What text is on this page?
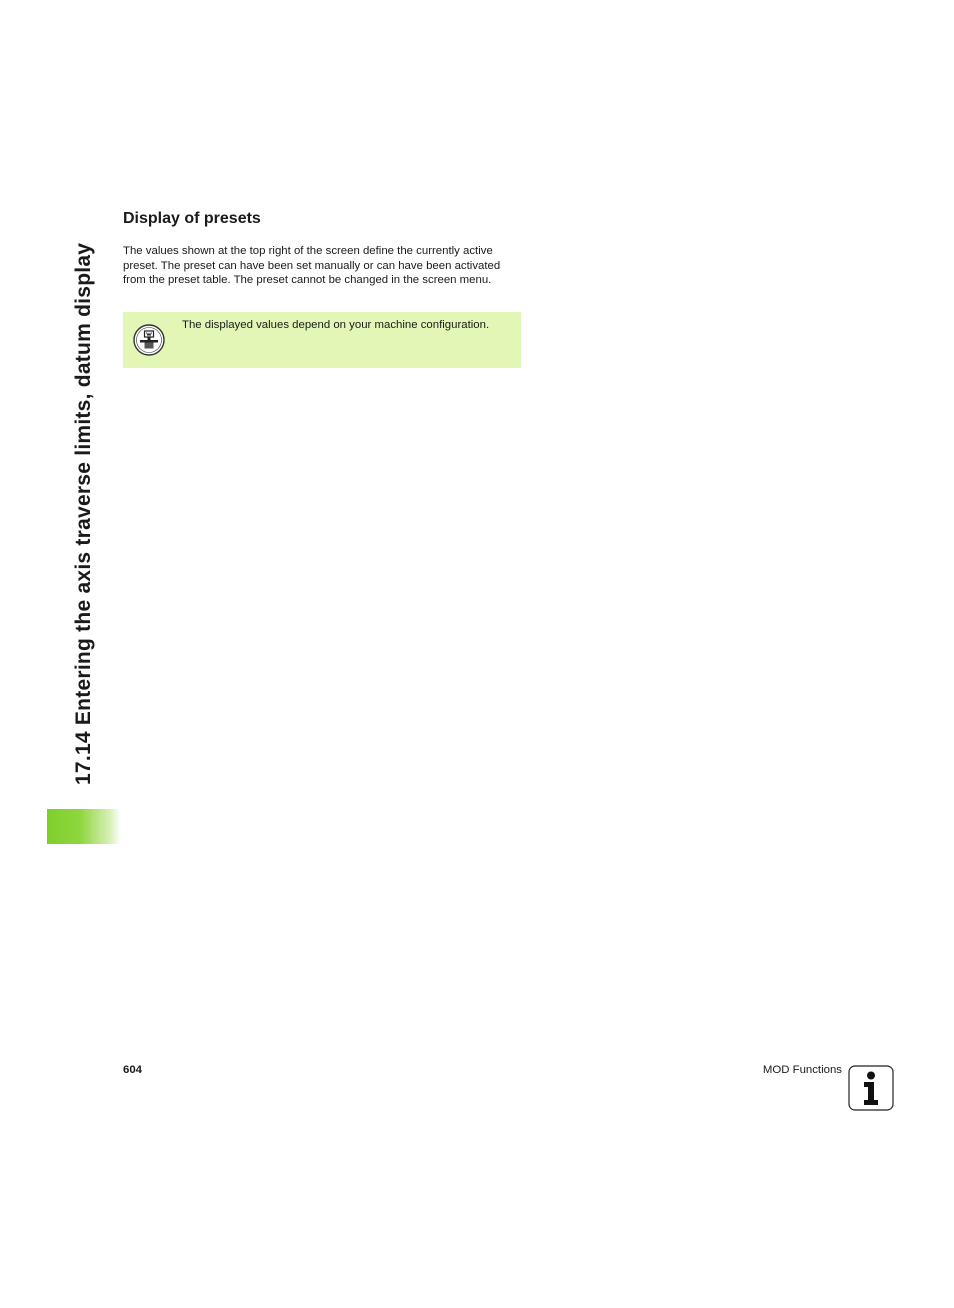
17.14 Entering the axis traverse limits, datum display
Display of presets

The values shown at the top right of the screen define the currently active preset. The preset can have been set manually or can have been activated from the preset table. The preset cannot be changed in the screen menu.

The displayed values depend on your machine configuration.

604	MOD Functions
